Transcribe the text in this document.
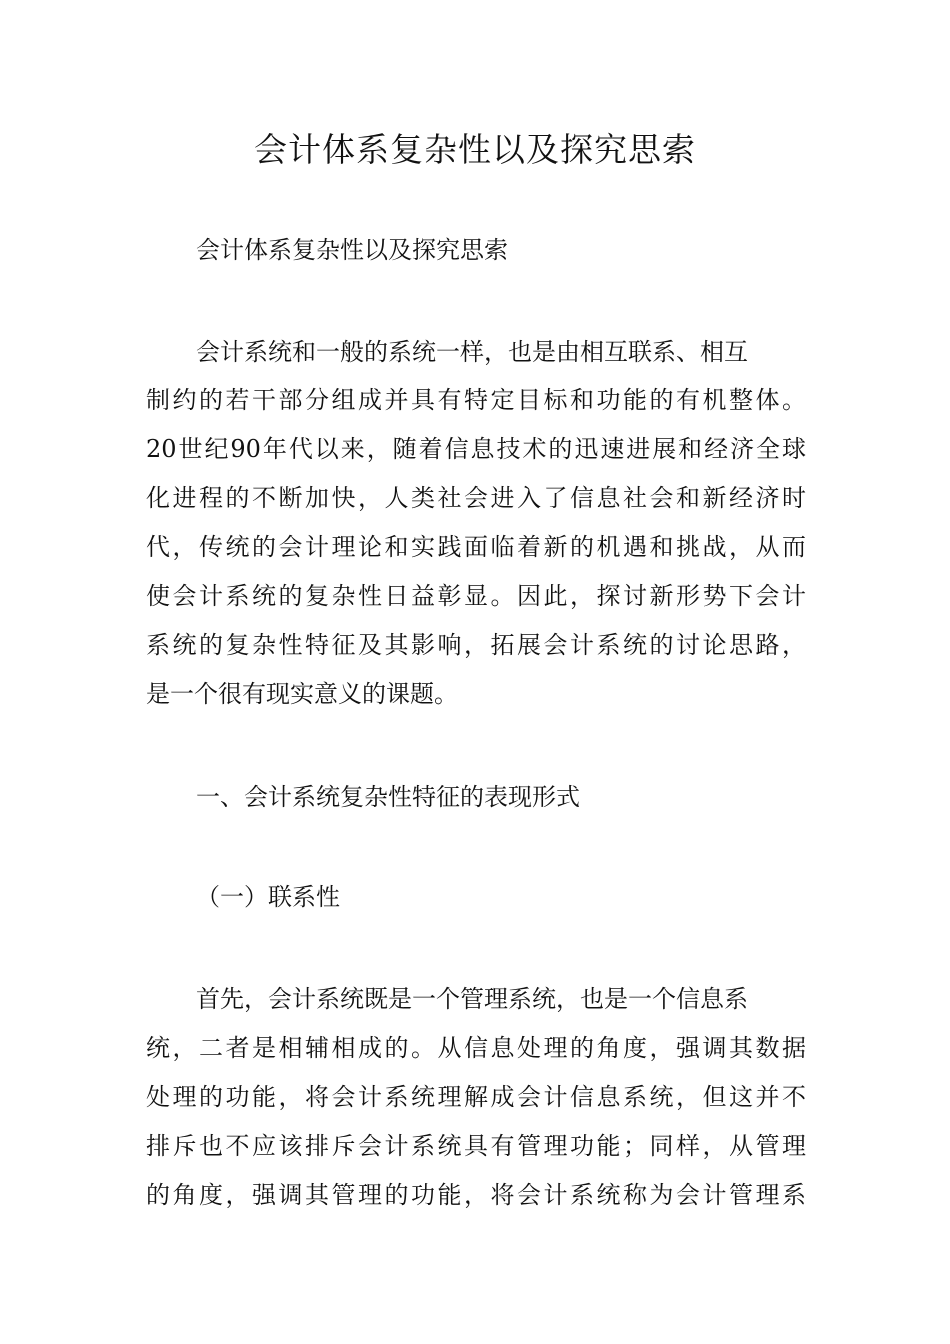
会计体系复杂性以及探究思索

会计体系复杂性以及探究思索

会计系统和一般的系统一样，也是由相互联系、相互

制约的若干部分组成并具有特定目标和功能的有机整体。

20世纪90年代以来，随着信息技术的迅速进展和经济全球

化进程的不断加快，人类社会进入了信息社会和新经济时

代，传统的会计理论和实践面临着新的机遇和挑战，从而

使会计系统的复杂性日益彰显。因此，探讨新形势下会计

系统的复杂性特征及其影响，拓展会计系统的讨论思路，

是一个很有现实意义的课题。

一、会计系统复杂性特征的表现形式

（一）联系性

首先，会计系统既是一个管理系统，也是一个信息系

统，二者是相辅相成的。从信息处理的角度，强调其数据

处理的功能，将会计系统理解成会计信息系统，但这并不

排斥也不应该排斥会计系统具有管理功能；同样，从管理

的角度，强调其管理的功能，将会计系统称为会计管理系
